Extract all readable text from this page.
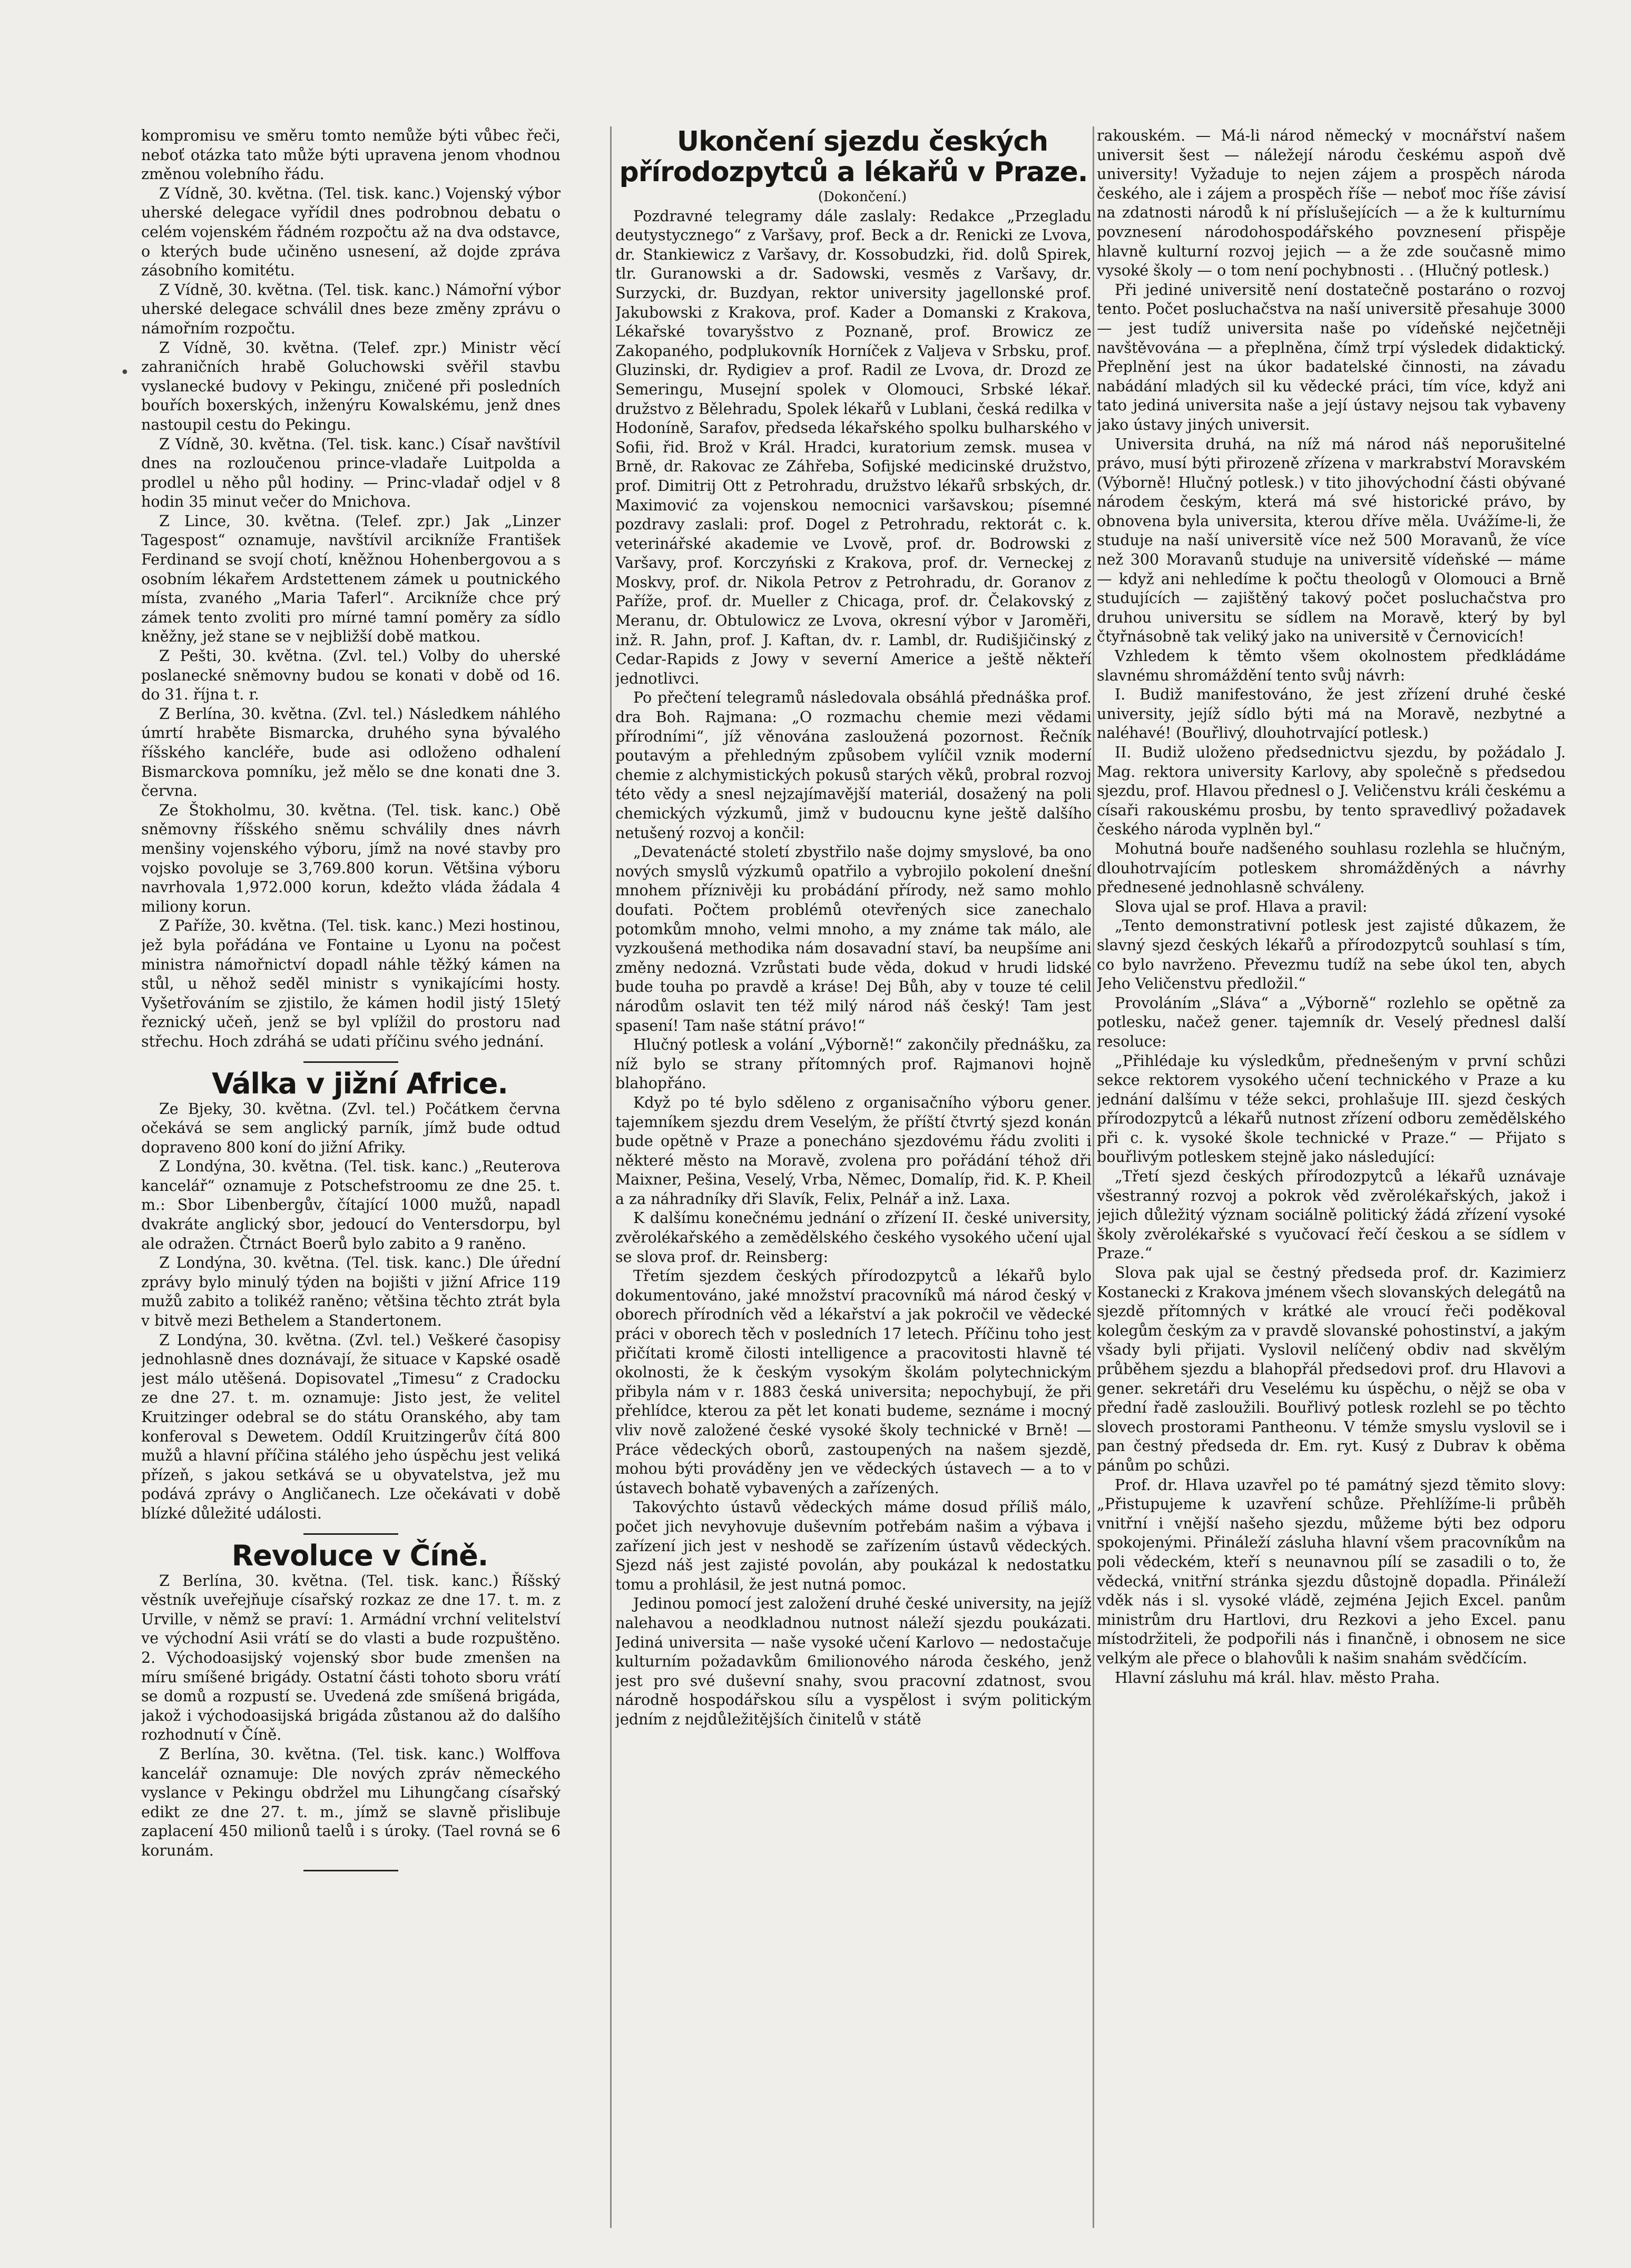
•

kompromisu ve směru tomto nemůže býti vůbec řeči, neboť otázka tato může býti upravena jenom vhodnou změnou volebního řádu.

Z Vídně, 30. května. (Tel. tisk. kanc.) Vojenský výbor uherské delegace vyřídil dnes podrobnou debatu o celém vojenském řádném rozpočtu až na dva odstavce, o kterých bude učiněno usnesení, až dojde zpráva zásobního komitétu.

Z Vídně, 30. května. (Tel. tisk. kanc.) Námořní výbor uherské delegace schválil dnes beze změny zprávu o námořním rozpočtu.

Z Vídně, 30. května. (Telef. zpr.) Ministr věcí zahraničních hrabě Goluchowski svěřil stavbu vyslanecké budovy v Pekingu, zničené při posledních bouřích boxerských, inženýru Kowalskému, jenž dnes nastoupil cestu do Pekingu.

Z Vídně, 30. května. (Tel. tisk. kanc.) Císař navštívil dnes na rozloučenou prince-vladaře Luitpolda a prodlel u něho půl hodiny. — Princ-vladař odjel v 8 hodin 35 minut večer do Mnichova.

Z Lince, 30. května. (Telef. zpr.) Jak „Linzer Tagespost“ oznamuje, navštívil arcikníže František Ferdinand se svojí chotí, kněžnou Hohenbergovou a s osobním lékařem Ardstettenem zámek u poutnického místa, zvaného „Maria Taferl“. Arcikníže chce prý zámek tento zvoliti pro mírné tamní poměry za sídlo kněžny, jež stane se v nejbližší době matkou.

Z Pešti, 30. května. (Zvl. tel.) Volby do uherské poslanecké sněmovny budou se konati v době od 16. do 31. října t. r.

Z Berlína, 30. května. (Zvl. tel.) Následkem náhlého úmrtí hraběte Bismarcka, druhého syna bývalého říšského kancléře, bude asi odloženo odhalení Bismarckova pomníku, jež mělo se dne konati dne 3. června.

Ze Štokholmu, 30. května. (Tel. tisk. kanc.) Obě sněmovny říšského sněmu schválily dnes návrh menšiny vojenského výboru, jímž na nové stavby pro vojsko povoluje se 3,769.800 korun. Většina výboru navrhovala 1,972.000 korun, kdežto vláda žádala 4 miliony korun.

Z Paříže, 30. května. (Tel. tisk. kanc.) Mezi hostinou, jež byla pořádána ve Fontaine u Lyonu na počest ministra námořnictví dopadl náhle těžký kámen na stůl, u něhož seděl ministr s vynikajícími hosty. Vyšetřováním se zjistilo, že kámen hodil jistý 15letý řeznický učeň, jenž se byl vplížil do prostoru nad střechu. Hoch zdráhá se udati příčinu svého jednání.

Válka v jižní Africe.

Ze Bjeky, 30. května. (Zvl. tel.) Počátkem června očekává se sem anglický parník, jímž bude odtud dopraveno 800 koní do jižní Afriky.

Z Londýna, 30. května. (Tel. tisk. kanc.) „Reuterova kancelář“ oznamuje z Potschefstroomu ze dne 25. t. m.: Sbor Libenbergův, čítající 1000 mužů, napadl dvakráte anglický sbor, jedoucí do Ventersdorpu, byl ale odražen. Čtrnáct Boerů bylo zabito a 9 raněno.

Z Londýna, 30. května. (Tel. tisk. kanc.) Dle úřední zprávy bylo minulý týden na bojišti v jižní Africe 119 mužů zabito a tolikéž raněno; většina těchto ztrát byla v bitvě mezi Bethelem a Standertonem.

Z Londýna, 30. května. (Zvl. tel.) Veškeré časopisy jednohlasně dnes doznávají, že situace v Kapské osadě jest málo utěšená. Dopisovatel „Timesu“ z Cradocku ze dne 27. t. m. oznamuje: Jisto jest, že velitel Kruitzinger odebral se do státu Oranského, aby tam konferoval s Dewetem. Oddíl Kruitzingerův čítá 800 mužů a hlavní příčina stálého jeho úspěchu jest veliká přízeň, s jakou setkává se u obyvatelstva, jež mu podává zprávy o Angličanech. Lze očekávati v době blízké důležité události.

Revoluce v Číně.

Z Berlína, 30. května. (Tel. tisk. kanc.) Říšský věstník uveřejňuje císařský rozkaz ze dne 17. t. m. z Urville, v němž se praví: 1. Armádní vrchní velitelství ve východní Asii vrátí se do vlasti a bude rozpuštěno. 2. Východoasijský vojenský sbor bude zmenšen na míru smíšené brigády. Ostatní části tohoto sboru vrátí se domů a rozpustí se. Uvedená zde smíšená brigáda, jakož i východoasijská brigáda zůstanou až do dalšího rozhodnutí v Číně.

Z Berlína, 30. května. (Tel. tisk. kanc.) Wolffova kancelář oznamuje: Dle nových zpráv německého vyslance v Pekingu obdržel mu Lihungčang císařský edikt ze dne 27. t. m., jímž se slavně přislibuje zaplacení 450 milionů taelů i s úroky. (Tael rovná se 6 korunám.

Ukončení sjezdu českých přírodozpytců a lékařů v Praze.

(Dokončení.)

Pozdravné telegramy dále zaslaly: Redakce „Przegladu deutystycznego“ z Varšavy, prof. Beck a dr. Renicki ze Lvova, dr. Stankiewicz z Varšavy, dr. Kossobudzki, řid. dolů Spirek, tlr. Guranowski a dr. Sadowski, vesměs z Varšavy, dr. Surzycki, dr. Buzdyan, rektor university jagellonské prof. Jakubowski z Krakova, prof. Kader a Domanski z Krakova, Lékařské tovaryšstvo z Poznaně, prof. Browicz ze Zakopaného, podplukovník Horníček z Valjeva v Srbsku, prof. Gluzinski, dr. Rydigiev a prof. Radil ze Lvova, dr. Drozd ze Semeringu, Musejní spolek v Olomouci, Srbské lékař. družstvo z Bělehradu, Spolek lékařů v Lublani, česká redilka v Hodoníně, Sarafov, předseda lékařského spolku bulharského v Sofii, řid. Brož v Král. Hradci, kuratorium zemsk. musea v Brně, dr. Rakovac ze Záhřeba, Sofijské medicinské družstvo, prof. Dimitrij Ott z Petrohradu, družstvo lékařů srbských, dr. Maximović za vojenskou nemocnici varšavskou; písemné pozdravy zaslali: prof. Dogel z Petrohradu, rektorát c. k. veterinářské akademie ve Lvově, prof. dr. Bodrowski z Varšavy, prof. Korczyński z Krakova, prof. dr. Verneckej z Moskvy, prof. dr. Nikola Petrov z Petrohradu, dr. Goranov z Paříže, prof. dr. Mueller z Chicaga, prof. dr. Čelakovský z Meranu, dr. Obtulowicz ze Lvova, okresní výbor v Jaroměři, inž. R. Jahn, prof. J. Kaftan, dv. r. Lambl, dr. Rudišjičinský z Cedar-Rapids z Jowy v severní Americe a ještě někteří jednotlivci.

Po přečtení telegramů následovala obsáhlá přednáška prof. dra Boh. Rajmana: „O rozmachu chemie mezi vědami přírodními“, jíž věnována zasloužená pozornost. Řečník poutavým a přehledným způsobem vylíčil vznik moderní chemie z alchymistických pokusů starých věků, probral rozvoj této vědy a snesl nejzajímavější materiál, dosažený na poli chemických výzkumů, jimž v budoucnu kyne ještě dalšího netušený rozvoj a končil:

„Devatenácté století zbystřilo naše dojmy smyslové, ba ono nových smyslů výzkumů opatřilo a vybrojilo pokolení dnešní mnohem příznivěji ku probádání přírody, než samo mohlo doufati. Počtem problémů otevřených sice zanechalo potomkům mnoho, velmi mnoho, a my známe tak málo, ale vyzkoušená methodika nám dosavadní staví, ba neupšíme ani změny nedozná. Vzrůstati bude věda, dokud v hrudi lidské bude touha po pravdě a kráse! Dej Bůh, aby v touze té celil národům oslavit ten též milý národ náš český! Tam jest spasení! Tam naše státní právo!“

Hlučný potlesk a volání „Výborně!“ zakončily přednášku, za níž bylo se strany přítomných prof. Rajmanovi hojně blahopřáno.

Když po té bylo sděleno z organisačního výboru gener. tajemníkem sjezdu drem Veselým, že příští čtvrtý sjezd konán bude opětně v Praze a ponecháno sjezdovému řádu zvoliti i některé město na Moravě, zvolena pro pořádání téhož dři Maixner, Pešina, Veselý, Vrba, Němec, Domalíp, řid. K. P. Kheil a za náhradníky dři Slavík, Felix, Pelnář a inž. Laxa.

K dalšímu konečnému jednání o zřízení II. české university, zvěrolékařského a zemědělského českého vysokého učení ujal se slova prof. dr. Reinsberg:

Třetím sjezdem českých přírodozpytců a lékařů bylo dokumentováno, jaké množství pracovníků má národ český v oborech přírodních věd a lékařství a jak pokročil ve vědecké práci v oborech těch v posledních 17 letech. Příčinu toho jest přičítati kromě čilosti intelligence a pracovitosti hlavně té okolnosti, že k českým vysokým školám polytechnickým přibyla nám v r. 1883 česká universita; nepochybují, že při přehlídce, kterou za pět let konati budeme, seznáme i mocný vliv nově založené české vysoké školy technické v Brně! — Práce vědeckých oborů, zastoupených na našem sjezdě, mohou býti prováděny jen ve vědeckých ústavech — a to v ústavech bohatě vybavených a zařízených.

Takovýchto ústavů vědeckých máme dosud příliš málo, počet jich nevyhovuje duševním potřebám našim a výbava i zařízení jich jest v neshodě se zařízením ústavů vědeckých. Sjezd náš jest zajisté povolán, aby poukázal k nedostatku tomu a prohlásil, že jest nutná pomoc.

Jedinou pomocí jest založení druhé české university, na jejíž nalehavou a neodkladnou nutnost náleží sjezdu poukázati. Jediná universita — naše vysoké učení Karlovo — nedostačuje kulturním požadavkům 6milionového národa českého, jenž jest pro své duševní snahy, svou pracovní zdatnost, svou národně hospodářskou sílu a vyspělost i svým politickým jedním z nejdůležitějších činitelů v státě

rakouském. — Má-li národ německý v mocnářství našem universit šest — náležejí národu českému aspoň dvě university! Vyžaduje to nejen zájem a prospěch národa českého, ale i zájem a prospěch říše — neboť moc říše závisí na zdatnosti národů k ní příslušejících — a že k kulturnímu povznesení národohospodářského povznesení přispěje hlavně kulturní rozvoj jejich — a že zde současně mimo vysoké školy — o tom není pochybnosti . . (Hlučný potlesk.)

Při jediné universitě není dostatečně postaráno o rozvoj tento. Počet posluchačstva na naší universitě přesahuje 3000 — jest tudíž universita naše po vídeňské nejčetněji navštěvována — a přeplněna, čímž trpí výsledek didaktický. Přeplnění jest na úkor badatelské činnosti, na závadu nabádání mladých sil ku vědecké práci, tím více, když ani tato jediná universita naše a její ústavy nejsou tak vybaveny jako ústavy jiných universit.

Universita druhá, na níž má národ náš neporušitelné právo, musí býti přirozeně zřízena v markrabství Moravském (Výborně! Hlučný potlesk.) v tito jihovýchodní části obývané národem českým, která má své historické právo, by obnovena byla universita, kterou dříve měla. Uvážíme-li, že studuje na naší universitě více než 500 Moravanů, že více než 300 Moravanů studuje na universitě vídeňské — máme — když ani nehledíme k počtu theologů v Olomouci a Brně studujících — zajištěný takový počet posluchačstva pro druhou universitu se sídlem na Moravě, který by byl čtyřnásobně tak veliký jako na universitě v Černovicích!

Vzhledem k těmto všem okolnostem předkládáme slavnému shromáždění tento svůj návrh:

I. Budiž manifestováno, že jest zřízení druhé české university, jejíž sídlo býti má na Moravě, nezbytné a naléhavé! (Bouřlivý, dlouhotrvající potlesk.)

II. Budiž uloženo předsednictvu sjezdu, by požádalo J. Mag. rektora university Karlovy, aby společně s předsedou sjezdu, prof. Hlavou přednesl o J. Veličenstvu králi českému a císaři rakouskému prosbu, by tento spravedlivý požadavek českého národa vyplněn byl.“

Mohutná bouře nadšeného souhlasu rozlehla se hlučným, dlouhotrvajícím potleskem shromážděných a návrhy přednesené jednohlasně schváleny.

Slova ujal se prof. Hlava a pravil:

„Tento demonstrativní potlesk jest zajisté důkazem, že slavný sjezd českých lékařů a přírodozpytců souhlasí s tím, co bylo navrženo. Převezmu tudíž na sebe úkol ten, abych Jeho Veličenstvu předložil.“

Provoláním „Sláva“ a „Výborně“ rozlehlo se opětně za potlesku, načež gener. tajemník dr. Veselý přednesl další resoluce:

„Přihlédaje ku výsledkům, přednešeným v první schůzi sekce rektorem vysokého učení technického v Praze a ku jednání dalšímu v téže sekci, prohlašuje III. sjezd českých přírodozpytců a lékařů nutnost zřízení odboru zemědělského při c. k. vysoké škole technické v Praze.“ — Přijato s bouřlivým potleskem stejně jako následující:

„Třetí sjezd českých přírodozpytců a lékařů uznávaje všestranný rozvoj a pokrok věd zvěrolékařských, jakož i jejich důležitý význam sociálně politický žádá zřízení vysoké školy zvěrolékařské s vyučovací řečí českou a se sídlem v Praze.“

Slova pak ujal se čestný předseda prof. dr. Kazimierz Kostanecki z Krakova jménem všech slovanských delegátů na sjezdě přítomných v krátké ale vroucí řeči poděkoval kolegům českým za v pravdě slovanské pohostinství, a jakým všady byli přijati. Vyslovil nelíčený obdiv nad skvělým průběhem sjezdu a blahopřál předsedovi prof. dru Hlavovi a gener. sekretáři dru Veselému ku úspěchu, o nějž se oba v přední řadě zasloužili. Bouřlivý potlesk rozlehl se po těchto slovech prostorami Pantheonu. V témže smyslu vyslovil se i pan čestný předseda dr. Em. ryt. Kusý z Dubrav k oběma pánům po schůzi.

Prof. dr. Hlava uzavřel po té památný sjezd těmito slovy: „Přistupujeme k uzavření schůze. Přehlížíme-li průběh vnitřní i vnější našeho sjezdu, můžeme býti bez odporu spokojenými. Přináleží zásluha hlavní všem pracovníkům na poli vědeckém, kteří s neunavnou pílí se zasadili o to, že vědecká, vnitřní stránka sjezdu důstojně dopadla. Přináleží vděk nás i sl. vysoké vládě, zejména Jejich Excel. panům ministrům dru Hartlovi, dru Rezkovi a jeho Excel. panu místodržiteli, že podpořili nás i finančně, i obnosem ne sice velkým ale přece o blahovůli k našim snahám svědčícím.

Hlavní zásluhu má král. hlav. město Praha.
